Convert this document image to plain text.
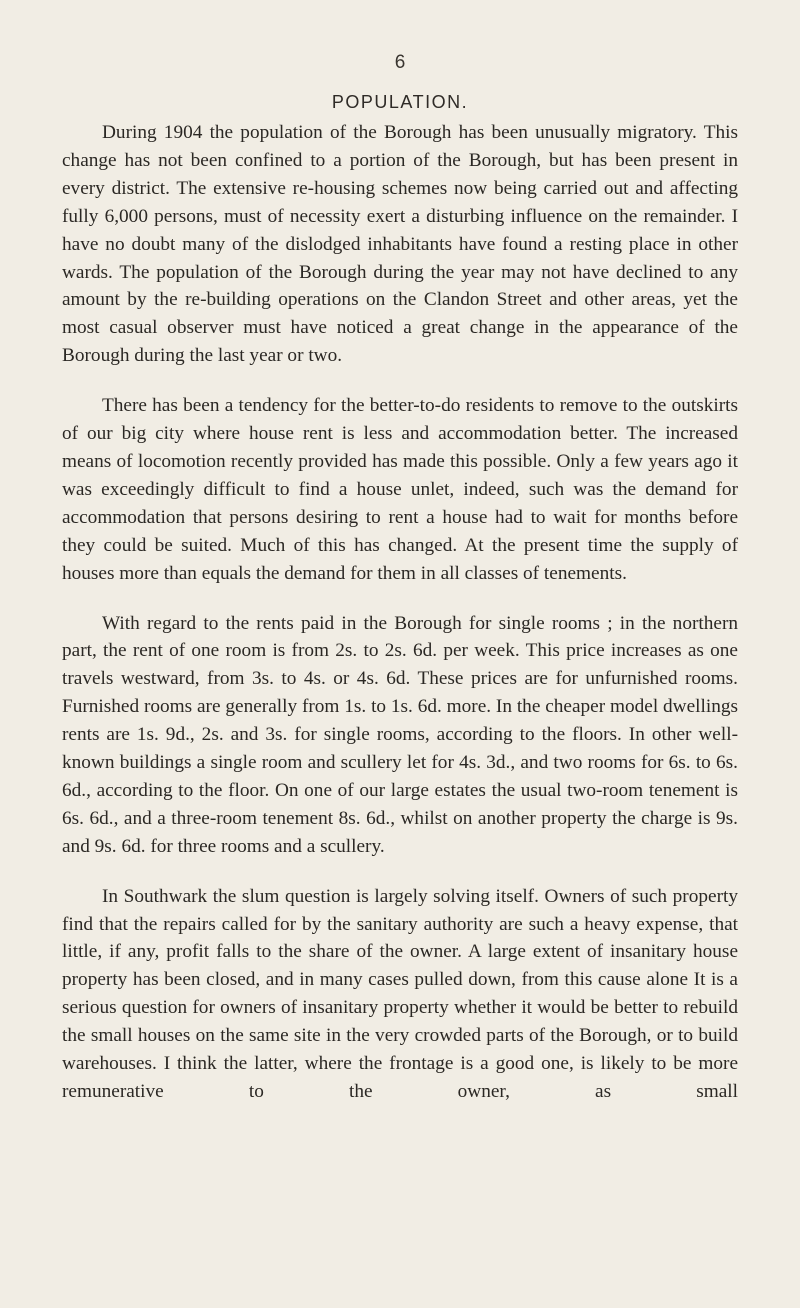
6
POPULATION.

During 1904 the population of the Borough has been unusually migratory. This change has not been confined to a portion of the Borough, but has been present in every district. The extensive re-housing schemes now being carried out and affecting fully 6,000 persons, must of necessity exert a disturbing influence on the remainder. I have no doubt many of the dislodged inhabitants have found a resting place in other wards. The population of the Borough during the year may not have declined to any amount by the re-building operations on the Clandon Street and other areas, yet the most casual observer must have noticed a great change in the appearance of the Borough during the last year or two.

There has been a tendency for the better-to-do residents to remove to the outskirts of our big city where house rent is less and accommodation better. The increased means of locomotion recently provided has made this possible. Only a few years ago it was exceedingly difficult to find a house unlet, indeed, such was the demand for accommodation that persons desiring to rent a house had to wait for months before they could be suited. Much of this has changed. At the present time the supply of houses more than equals the demand for them in all classes of tenements.

With regard to the rents paid in the Borough for single rooms ; in the northern part, the rent of one room is from 2s. to 2s. 6d. per week. This price increases as one travels westward, from 3s. to 4s. or 4s. 6d. These prices are for unfurnished rooms. Furnished rooms are generally from 1s. to 1s. 6d. more. In the cheaper model dwellings rents are 1s. 9d., 2s. and 3s. for single rooms, according to the floors. In other well-known buildings a single room and scullery let for 4s. 3d., and two rooms for 6s. to 6s. 6d., according to the floor. On one of our large estates the usual two-room tenement is 6s. 6d., and a three-room tenement 8s. 6d., whilst on another property the charge is 9s. and 9s. 6d. for three rooms and a scullery.

In Southwark the slum question is largely solving itself. Owners of such property find that the repairs called for by the sanitary authority are such a heavy expense, that little, if any, profit falls to the share of the owner. A large extent of insanitary house property has been closed, and in many cases pulled down, from this cause alone It is a serious question for owners of insanitary property whether it would be better to rebuild the small houses on the same site in the very crowded parts of the Borough, or to build warehouses. I think the latter, where the frontage is a good one, is likely to be more remunerative to the owner, as small
